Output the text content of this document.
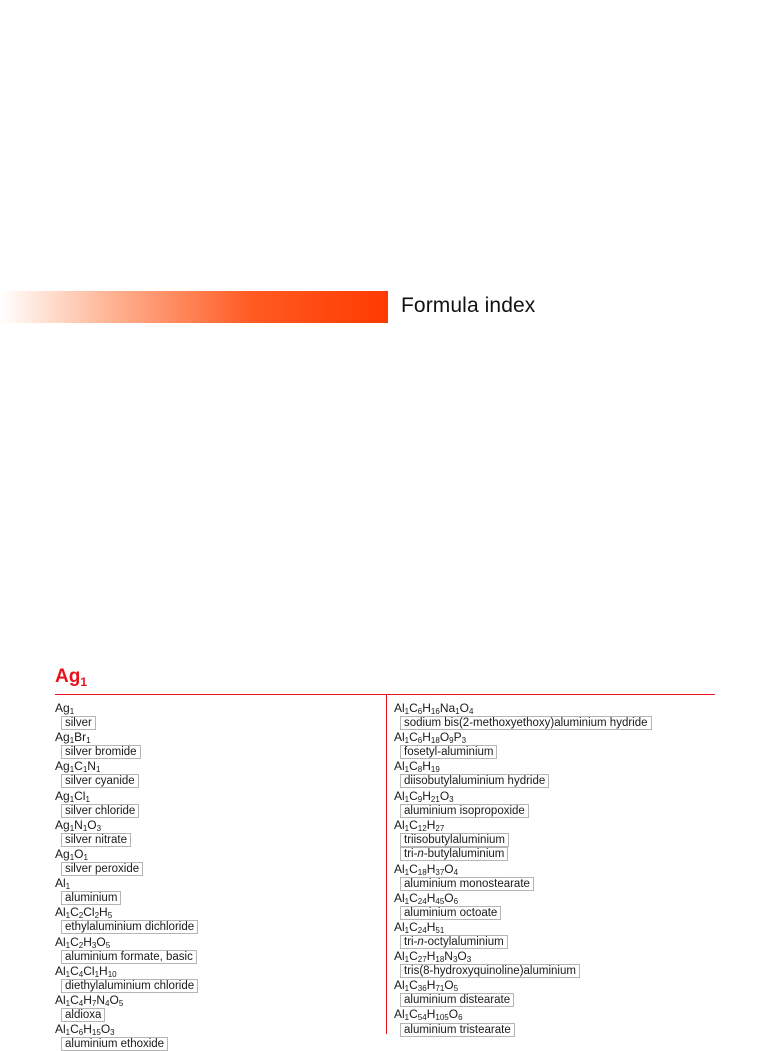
Formula index
$Ag_1$
$Ag_1$
silver
$Ag_1Br_1$
silver bromide
$Ag_1C_1N_1$
silver cyanide
$Ag_1Cl_1$
silver chloride
$Ag_1N_1O_3$
silver nitrate
$Ag_1O_1$
silver peroxide
$Al_1$
aluminium
$Al_1C_2Cl_2H_5$
ethylaluminium dichloride
$Al_1C_2H_3O_5$
aluminium formate, basic
$Al_1C_4Cl_1H_{10}$
diethylaluminium chloride
$Al_1C_4H_7N_4O_5$
aldioxa
$Al_1C_6H_{15}O_3$
aluminium ethoxide
$Al_1C_6H_{16}Na_1O_4$
sodium bis(2-methoxyethoxy)aluminium hydride
$Al_1C_6H_{18}O_9P_3$
fosetyl-aluminium
$Al_1C_8H_{19}$
diisobutylaluminium hydride
$Al_1C_9H_{21}O_3$
aluminium isopropoxide
$Al_1C_{12}H_{27}$
triisobutylaluminium
tri-n-butylaluminium
$Al_1C_{18}H_{37}O_4$
aluminium monostearate
$Al_1C_{24}H_{45}O_6$
aluminium octoate
$Al_1C_{24}H_{51}$
tri-n-octylaluminium
$Al_1C_{27}H_{18}N_3O_3$
tris(8-hydroxyquinoline)aluminium
$Al_1C_{36}H_{71}O_5$
aluminium distearate
$Al_1C_{54}H_{105}O_6$
aluminium tristearate
